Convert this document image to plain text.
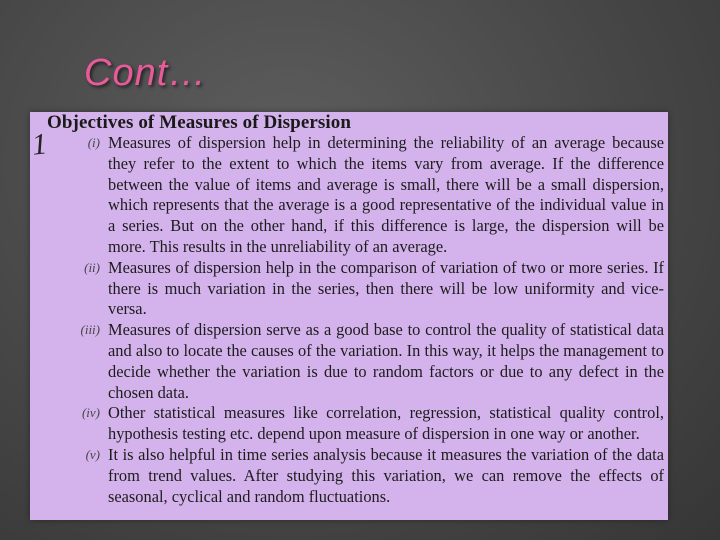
Cont…
1
Objectives of Measures of Dispersion
(i) Measures of dispersion help in determining the reliability of an average because they refer to the extent to which the items vary from average. If the difference between the value of items and average is small, there will be a small dispersion, which represents that the average is a good representative of the individual value in a series. But on the other hand, if this difference is large, the dispersion will be more. This results in the unreliability of an average.
(ii) Measures of dispersion help in the comparison of variation of two or more series. If there is much variation in the series, then there will be low uniformity and vice-versa.
(iii) Measures of dispersion serve as a good base to control the quality of statistical data and also to locate the causes of the variation. In this way, it helps the management to decide whether the variation is due to random factors or due to any defect in the chosen data.
(iv) Other statistical measures like correlation, regression, statistical quality control, hypothesis testing etc. depend upon measure of dispersion in one way or another.
(v) It is also helpful in time series analysis because it measures the variation of the data from trend values. After studying this variation, we can remove the effects of seasonal, cyclical and random fluctuations.
